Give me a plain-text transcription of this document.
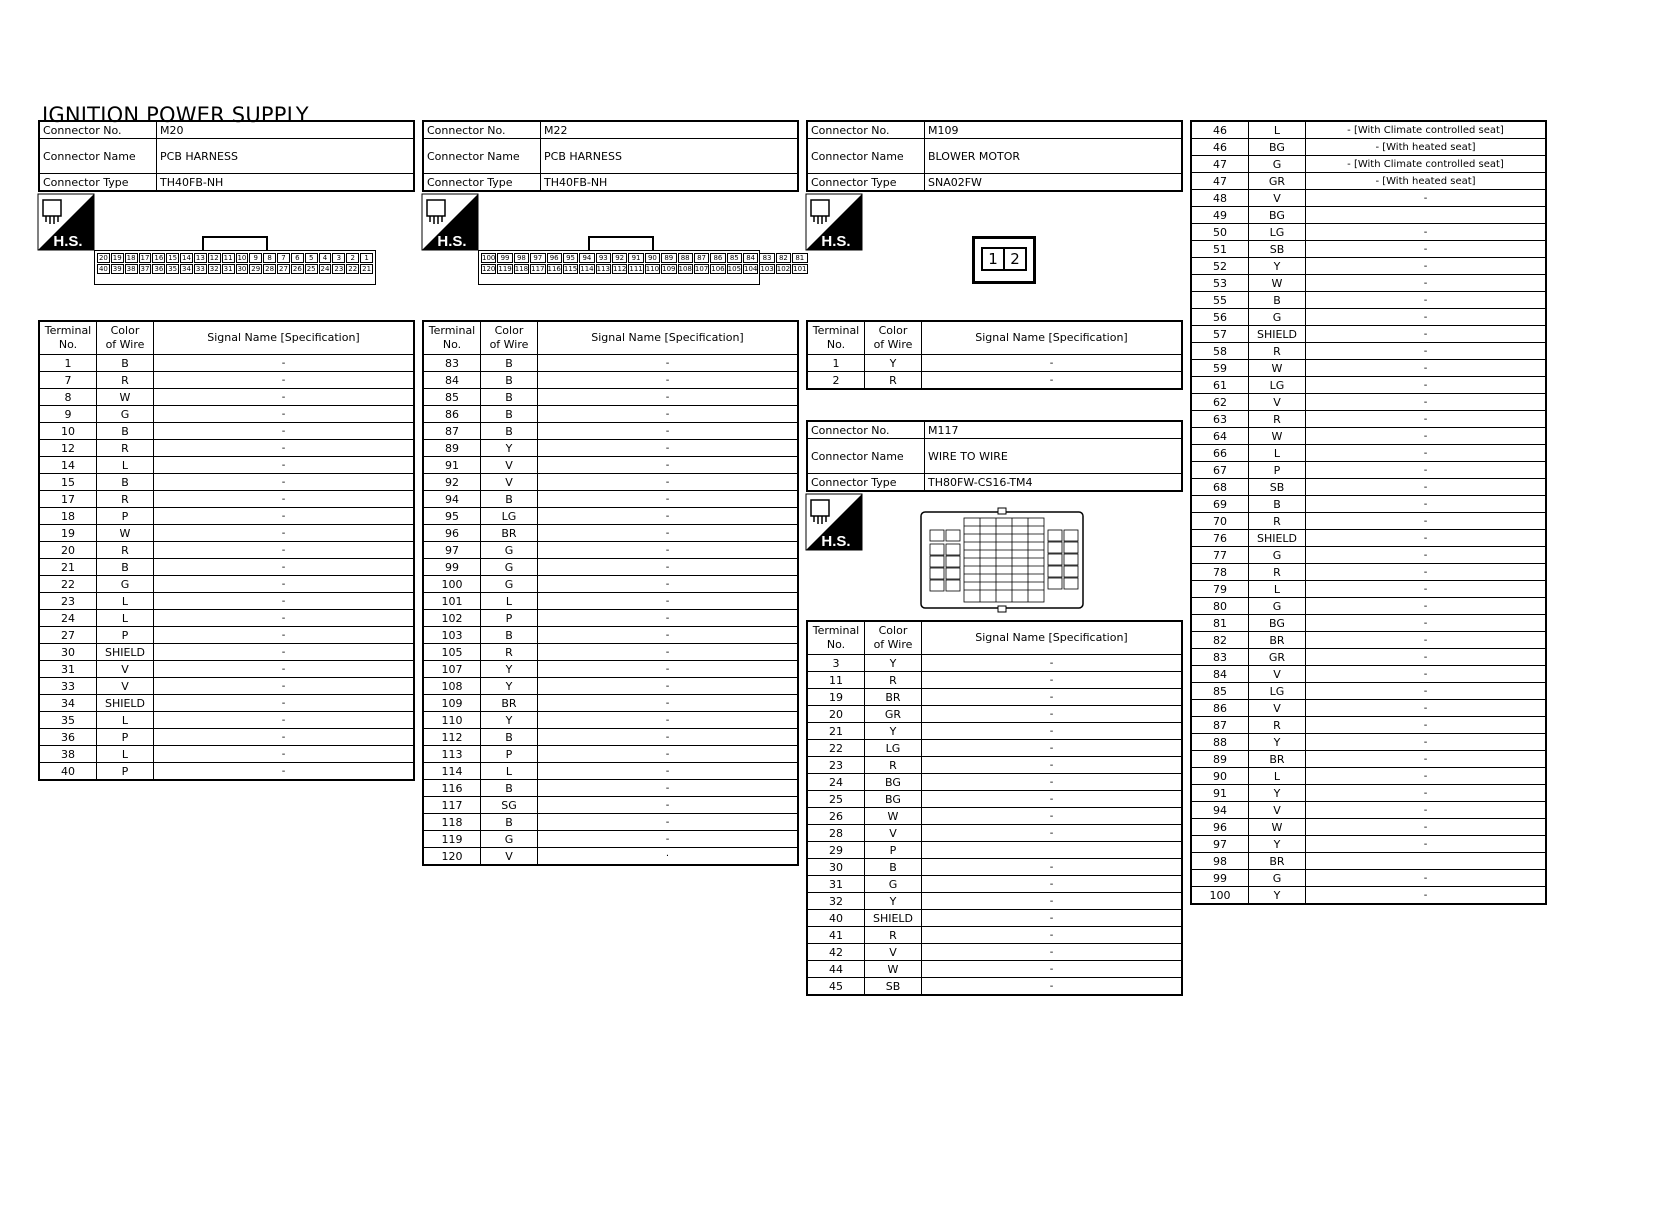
IGNITION POWER SUPPLY
Connector No.	M20
Connector Name	PCB HARNESS
Connector Type	TH40FB-NH
H.S.
20 19 18 17 16 15 14 13 12 11 10	9	8	7	6	5	4	3	2	1
40 39 38 37 36 35 34 33 32 31 30 29 28 27 26 25 24 23 22 21
Terminal
No.	Color
of Wire	Signal Name [Specification]
1	B	-
7	R	-
8	W	-
9	G	-
10	B	-
12	R	-
14	L	-
15	B	-
17	R	-
18	P	-
19	W	-
20	R	-
21	B	-
22	G	-
23	L	-
24	L	-
27	P	-
30	SHIELD	-
31	V	-
33	V	-
34	SHIELD	-
35	L	-
36	P	-
38	L	-
40	P	-
Connector No.	M22
Connector Name	PCB HARNESS
Connector Type	TH40FB-NH
H.S.
100 99	98	97	96	95	94	93	92	91	90	89	88	87	86	85	84	83	82	81
120 119 118 117 116 115 114 113 112 111 110 109 108 107 106 105 104 103 102 101
Terminal
No.	Color
of Wire	Signal Name [Specification]
83	B	-
84	B	-
85	B	-
86	B	-
87	B	-
89	Y	-
91	V	-
92	V	-
94	B	-
95	LG	-
96	BR	-
97	G	-
99	G	-
100	G	-
101	L	-
102	P	-
103	B	-
105	R	-
107	Y	-
108	Y	-
109	BR	-
110	Y	-
112	B	-
113	P	-
114	L	-
116	B	-
117	SG	-
118	B	-
119	G	-
120	V	·
Connector No.	M109
Connector Name	BLOWER MOTOR
Connector Type	SNA02FW
H.S.
1 2
Terminal
No.	Color
of Wire	Signal Name [Specification]
1	Y	-
2	R	-
Connector No.	M117
Connector Name	WIRE TO WIRE
Connector Type	TH80FW-CS16-TM4
H.S.
Terminal
No.	Color
of Wire	Signal Name [Specification]
3	Y	-
11	R	-
19	BR	-
20	GR	-
21	Y	-
22	LG	-
23	R	-
24	BG	-
25	BG	-
26	W	-
28	V	-
29	P	
30	B	-
31	G	-
32	Y	-
40	SHIELD	-
41	R	-
42	V	-
44	W	-
45	SB	-
46	L	- [With Climate controlled seat]
46	BG	- [With heated seat]
47	G	- [With Climate controlled seat]
47	GR	- [With heated seat]
48	V	-
49	BG	
50	LG	-
51	SB	-
52	Y	-
53	W	-
55	B	-
56	G	-
57	SHIELD	-
58	R	-
59	W	-
61	LG	-
62	V	-
63	R	-
64	W	-
66	L	-
67	P	-
68	SB	-
69	B	-
70	R	-
76	SHIELD	-
77	G	-
78	R	-
79	L	-
80	G	-
81	BG	-
82	BR	-
83	GR	-
84	V	-
85	LG	-
86	V	-
87	R	-
88	Y	-
89	BR	-
90	L	-
91	Y	-
94	V	-
96	W	-
97	Y	-
98	BR	
99	G	-
100	Y	-
